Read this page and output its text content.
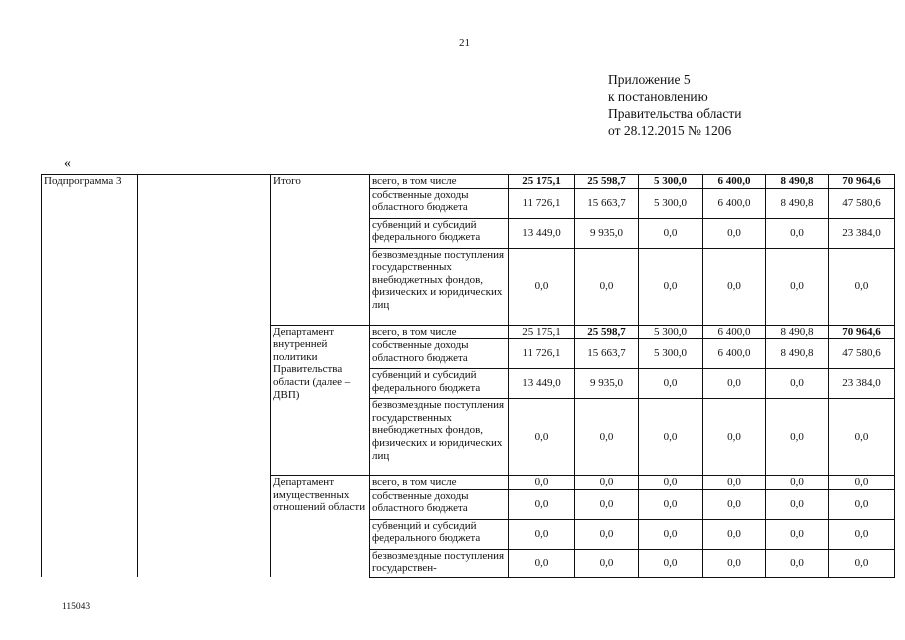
21
Приложение 5
к постановлению
Правительства области
от 28.12.2015 № 1206
«
Подпрограмма 3		Итого	всего, в том числе	25 175,1	25 598,7	5 300,0	6 400,0	8 490,8	70 964,6
			собственные доходы областного бюджета	11 726,1	15 663,7	5 300,0	6 400,0	8 490,8	47 580,6
			субвенций и субсидий федерального бюджета	13 449,0	9 935,0	0,0	0,0	0,0	23 384,0
			безвозмездные поступления государственных внебюджетных фондов, физических и юридических лиц	0,0	0,0	0,0	0,0	0,0	0,0
		Департамент внутренней политики Правительства области (далее – ДВП)	всего, в том числе	25 175,1	25 598,7	5 300,0	6 400,0	8 490,8	70 964,6
			собственные доходы областного бюджета	11 726,1	15 663,7	5 300,0	6 400,0	8 490,8	47 580,6
			субвенций и субсидий федерального бюджета	13 449,0	9 935,0	0,0	0,0	0,0	23 384,0
			безвозмездные поступления государственных внебюджетных фондов, физических и юридических лиц	0,0	0,0	0,0	0,0	0,0	0,0
		Департамент имущественных отношений области	всего, в том числе	0,0	0,0	0,0	0,0	0,0	0,0
			собственные доходы областного бюджета	0,0	0,0	0,0	0,0	0,0	0,0
			субвенций и субсидий федерального бюджета	0,0	0,0	0,0	0,0	0,0	0,0
			безвозмездные поступления государствен-	0,0	0,0	0,0	0,0	0,0	0,0
115043
